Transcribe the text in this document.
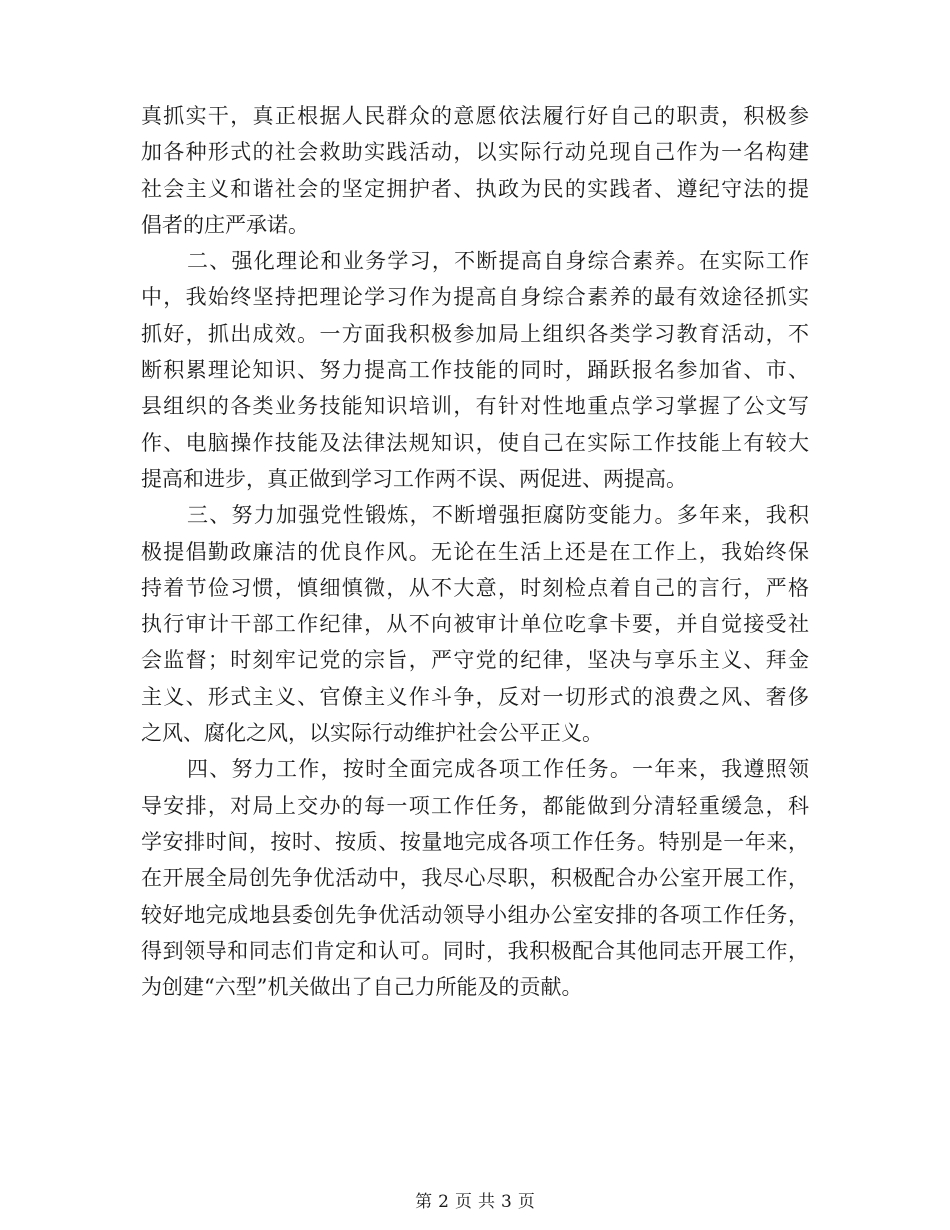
真抓实干，真正根据人民群众的意愿依法履行好自己的职责，积极参
加各种形式的社会救助实践活动，以实际行动兑现自己作为一名构建
社会主义和谐社会的坚定拥护者、执政为民的实践者、遵纪守法的提
倡者的庄严承诺。
二、强化理论和业务学习，不断提高自身综合素养。在实际工作
中，我始终坚持把理论学习作为提高自身综合素养的最有效途径抓实
抓好，抓出成效。一方面我积极参加局上组织各类学习教育活动，不
断积累理论知识、努力提高工作技能的同时，踊跃报名参加省、市、
县组织的各类业务技能知识培训，有针对性地重点学习掌握了公文写
作、电脑操作技能及法律法规知识，使自己在实际工作技能上有较大
提高和进步，真正做到学习工作两不误、两促进、两提高。
三、努力加强党性锻炼，不断增强拒腐防变能力。多年来，我积
极提倡勤政廉洁的优良作风。无论在生活上还是在工作上，我始终保
持着节俭习惯，慎细慎微，从不大意，时刻检点着自己的言行，严格
执行审计干部工作纪律，从不向被审计单位吃拿卡要，并自觉接受社
会监督；时刻牢记党的宗旨，严守党的纪律，坚决与享乐主义、拜金
主义、形式主义、官僚主义作斗争，反对一切形式的浪费之风、奢侈
之风、腐化之风，以实际行动维护社会公平正义。
四、努力工作，按时全面完成各项工作任务。一年来，我遵照领
导安排，对局上交办的每一项工作任务，都能做到分清轻重缓急，科
学安排时间，按时、按质、按量地完成各项工作任务。特别是一年来，
在开展全局创先争优活动中，我尽心尽职，积极配合办公室开展工作，
较好地完成地县委创先争优活动领导小组办公室安排的各项工作任务，
得到领导和同志们肯定和认可。同时，我积极配合其他同志开展工作，
为创建“六型”机关做出了自己力所能及的贡献。
第 2 页 共 3 页
